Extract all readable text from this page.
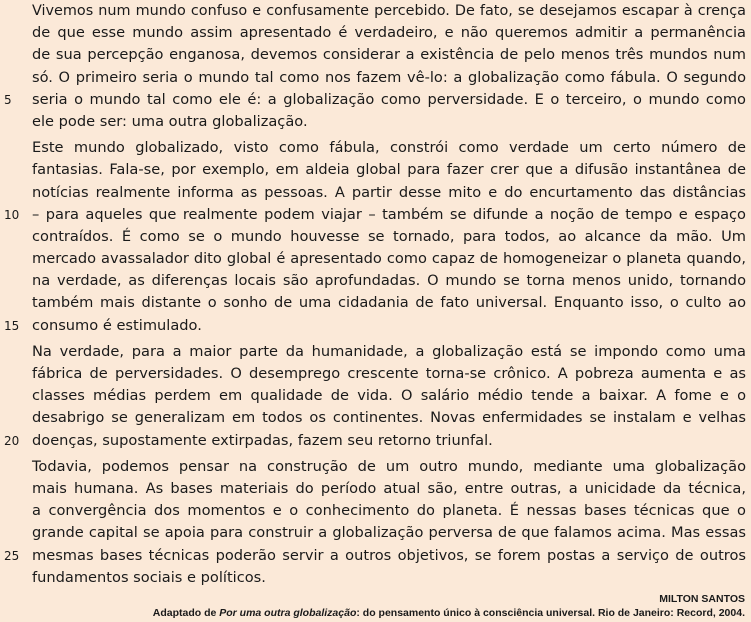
Vivemos num mundo confuso e confusamente percebido. De fato, se desejamos escapar à crença
de que esse mundo assim apresentado é verdadeiro, e não queremos admitir a permanência
de sua percepção enganosa, devemos considerar a existência de pelo menos três mundos num
só. O primeiro seria o mundo tal como nos fazem vê-lo: a globalização como fábula. O segundo
seria o mundo tal como ele é: a globalização como perversidade. E o terceiro, o mundo como
5
ele pode ser: uma outra globalização.
Este mundo globalizado, visto como fábula, constrói como verdade um certo número de
fantasias. Fala-se, por exemplo, em aldeia global para fazer crer que a difusão instantânea de
notícias realmente informa as pessoas. A partir desse mito e do encurtamento das distâncias
– para aqueles que realmente podem viajar – também se difunde a noção de tempo e espaço
10
contraídos. É como se o mundo houvesse se tornado, para todos, ao alcance da mão. Um
mercado avassalador dito global é apresentado como capaz de homogeneizar o planeta quando,
na verdade, as diferenças locais são aprofundadas. O mundo se torna menos unido, tornando
também mais distante o sonho de uma cidadania de fato universal. Enquanto isso, o culto ao
consumo é estimulado.
15
Na verdade, para a maior parte da humanidade, a globalização está se impondo como uma
fábrica de perversidades. O desemprego crescente torna-se crônico. A pobreza aumenta e as
classes médias perdem em qualidade de vida. O salário médio tende a baixar. A fome e o
desabrigo se generalizam em todos os continentes. Novas enfermidades se instalam e velhas
doenças, supostamente extirpadas, fazem seu retorno triunfal.
20
Todavia, podemos pensar na construção de um outro mundo, mediante uma globalização
mais humana. As bases materiais do período atual são, entre outras, a unicidade da técnica,
a convergência dos momentos e o conhecimento do planeta. É nessas bases técnicas que o
grande capital se apoia para construir a globalização perversa de que falamos acima. Mas essas
mesmas bases técnicas poderão servir a outros objetivos, se forem postas a serviço de outros
25
fundamentos sociais e políticos.
MILTON SANTOS
Adaptado de Por uma outra globalização: do pensamento único à consciência universal. Rio de Janeiro: Record, 2004.
